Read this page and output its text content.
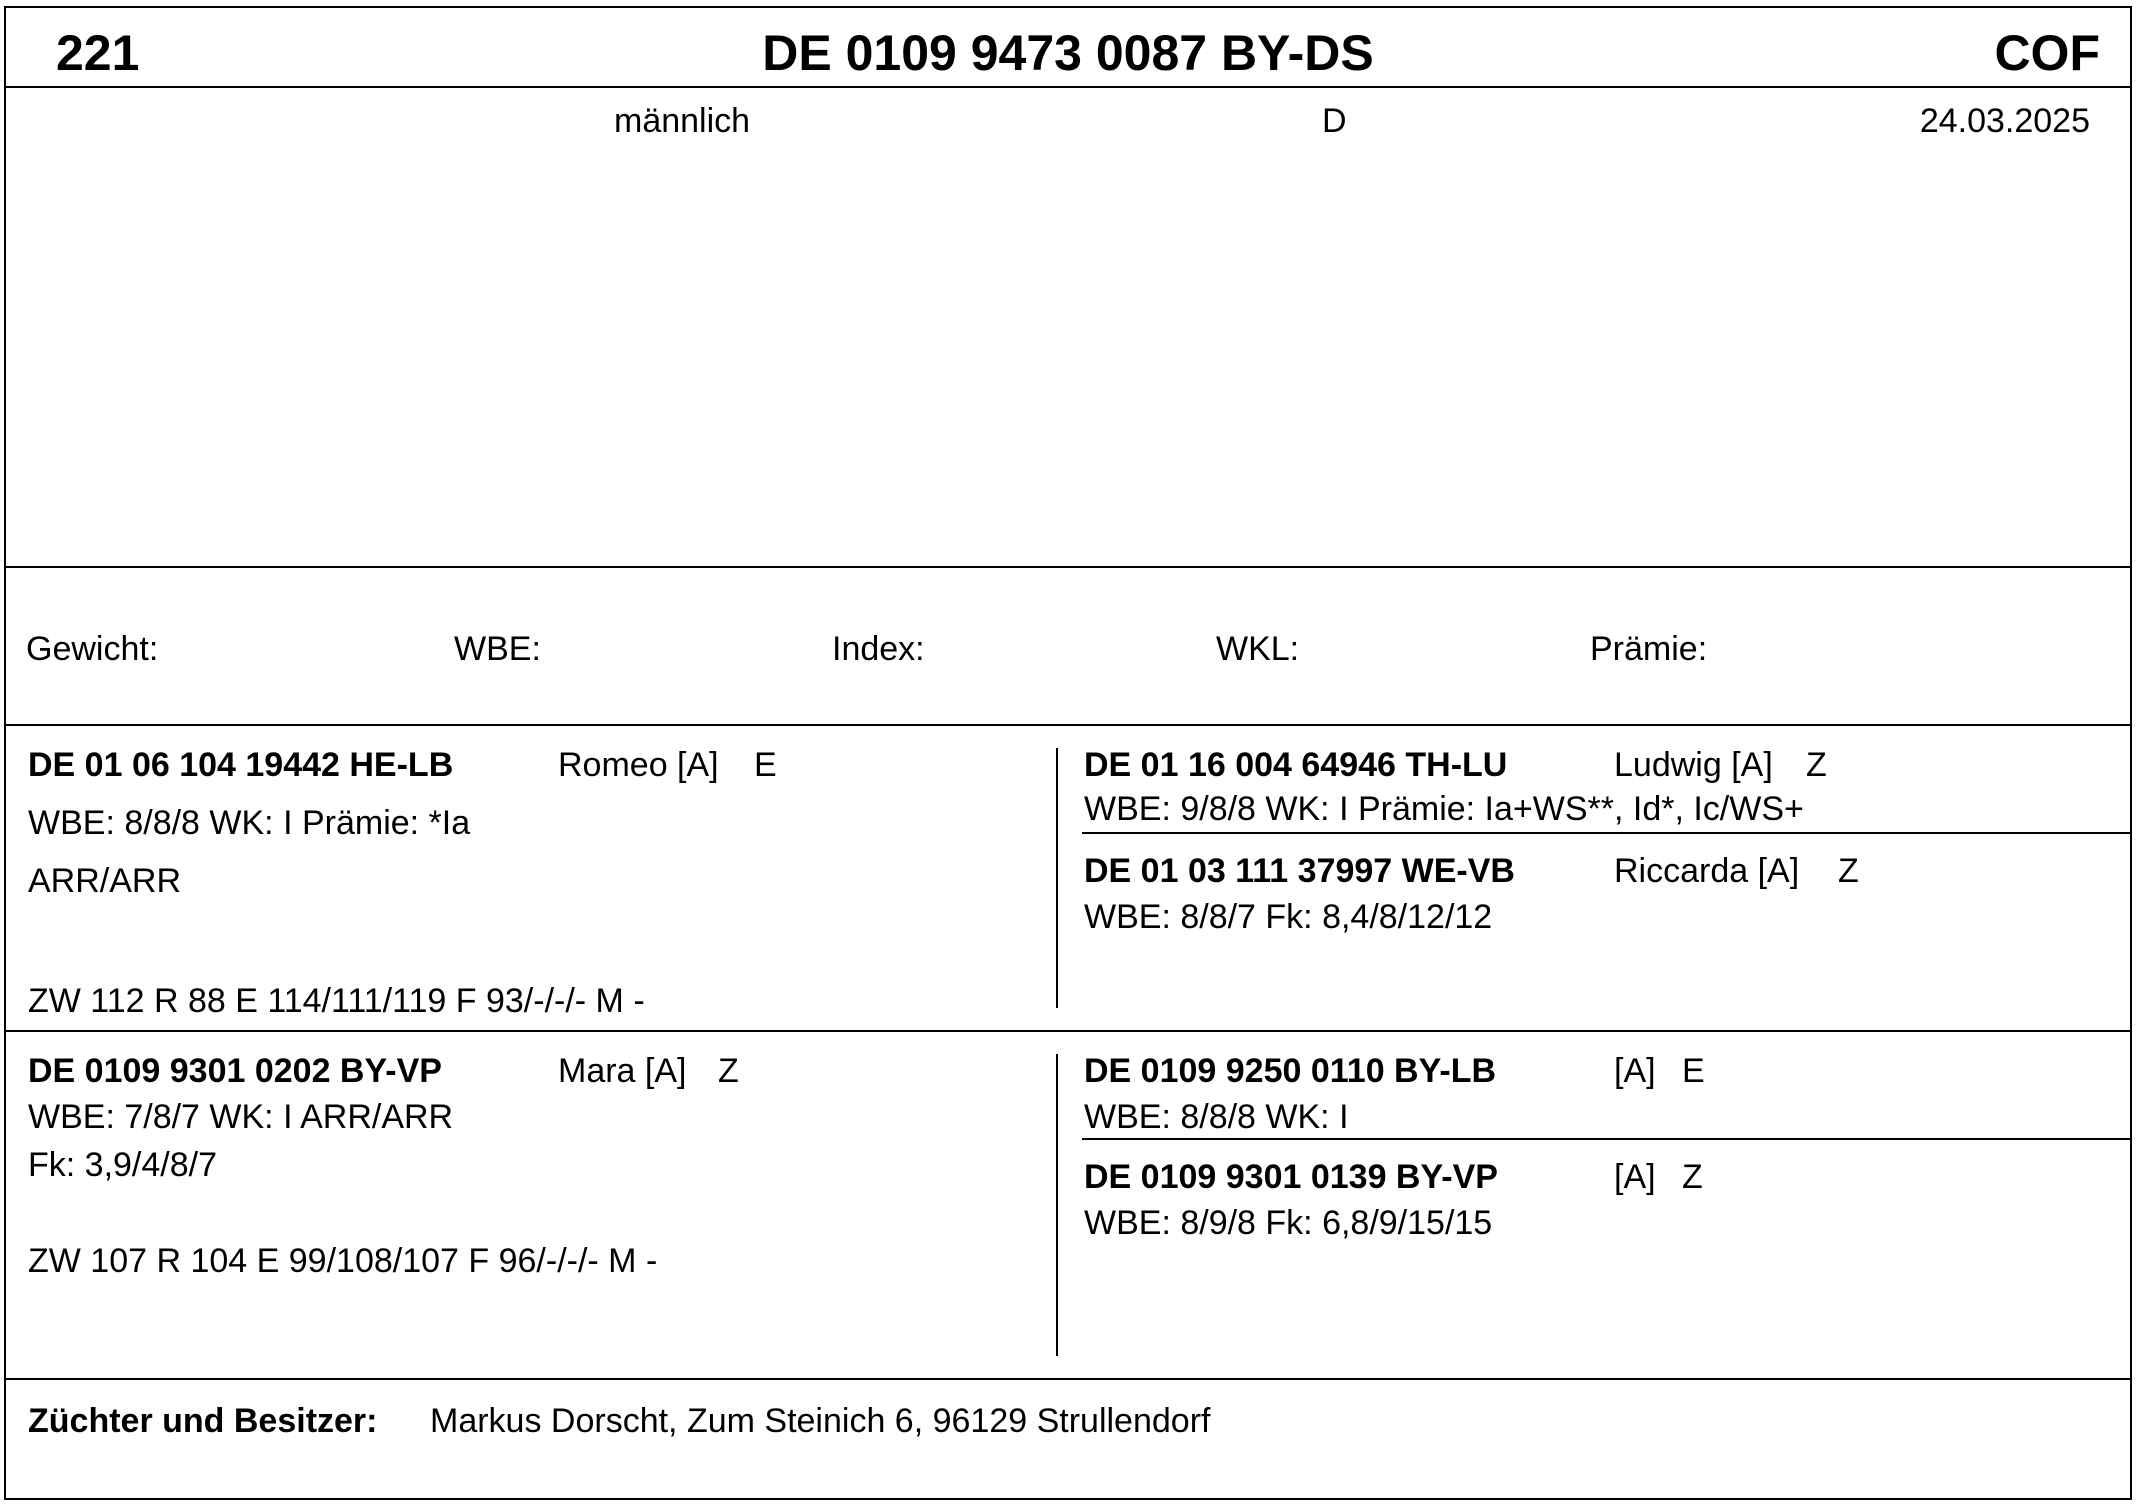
221	DE 0109 9473 0087 BY-DS	COF
männlich	D	24.03.2025
Gewicht:	WBE:	Index:	WKL:	Prämie:
DE 01 06 104 19442 HE-LB	Romeo [A] E
WBE: 8/8/8 WK: I Prämie: *Ia
ARR/ARR
ZW 112 R 88 E 114/111/119 F 93/-/-/- M -
DE 01 16 004 64946 TH-LU	Ludwig [A] Z
WBE: 9/8/8 WK: I Prämie: Ia+WS**, Id*, Ic/WS+
DE 01 03 111 37997 WE-VB	Riccarda [A] Z
WBE: 8/8/7 Fk: 8,4/8/12/12
DE 0109 9301 0202 BY-VP	Mara [A] Z
WBE: 7/8/7 WK: I ARR/ARR
Fk: 3,9/4/8/7
ZW 107 R 104 E 99/108/107 F 96/-/-/- M -
DE 0109 9250 0110 BY-LB	[A] E
WBE: 8/8/8 WK: I
DE 0109 9301 0139 BY-VP	[A] Z
WBE: 8/9/8 Fk: 6,8/9/15/15
Züchter und Besitzer: Markus Dorscht, Zum Steinich 6, 96129 Strullendorf
